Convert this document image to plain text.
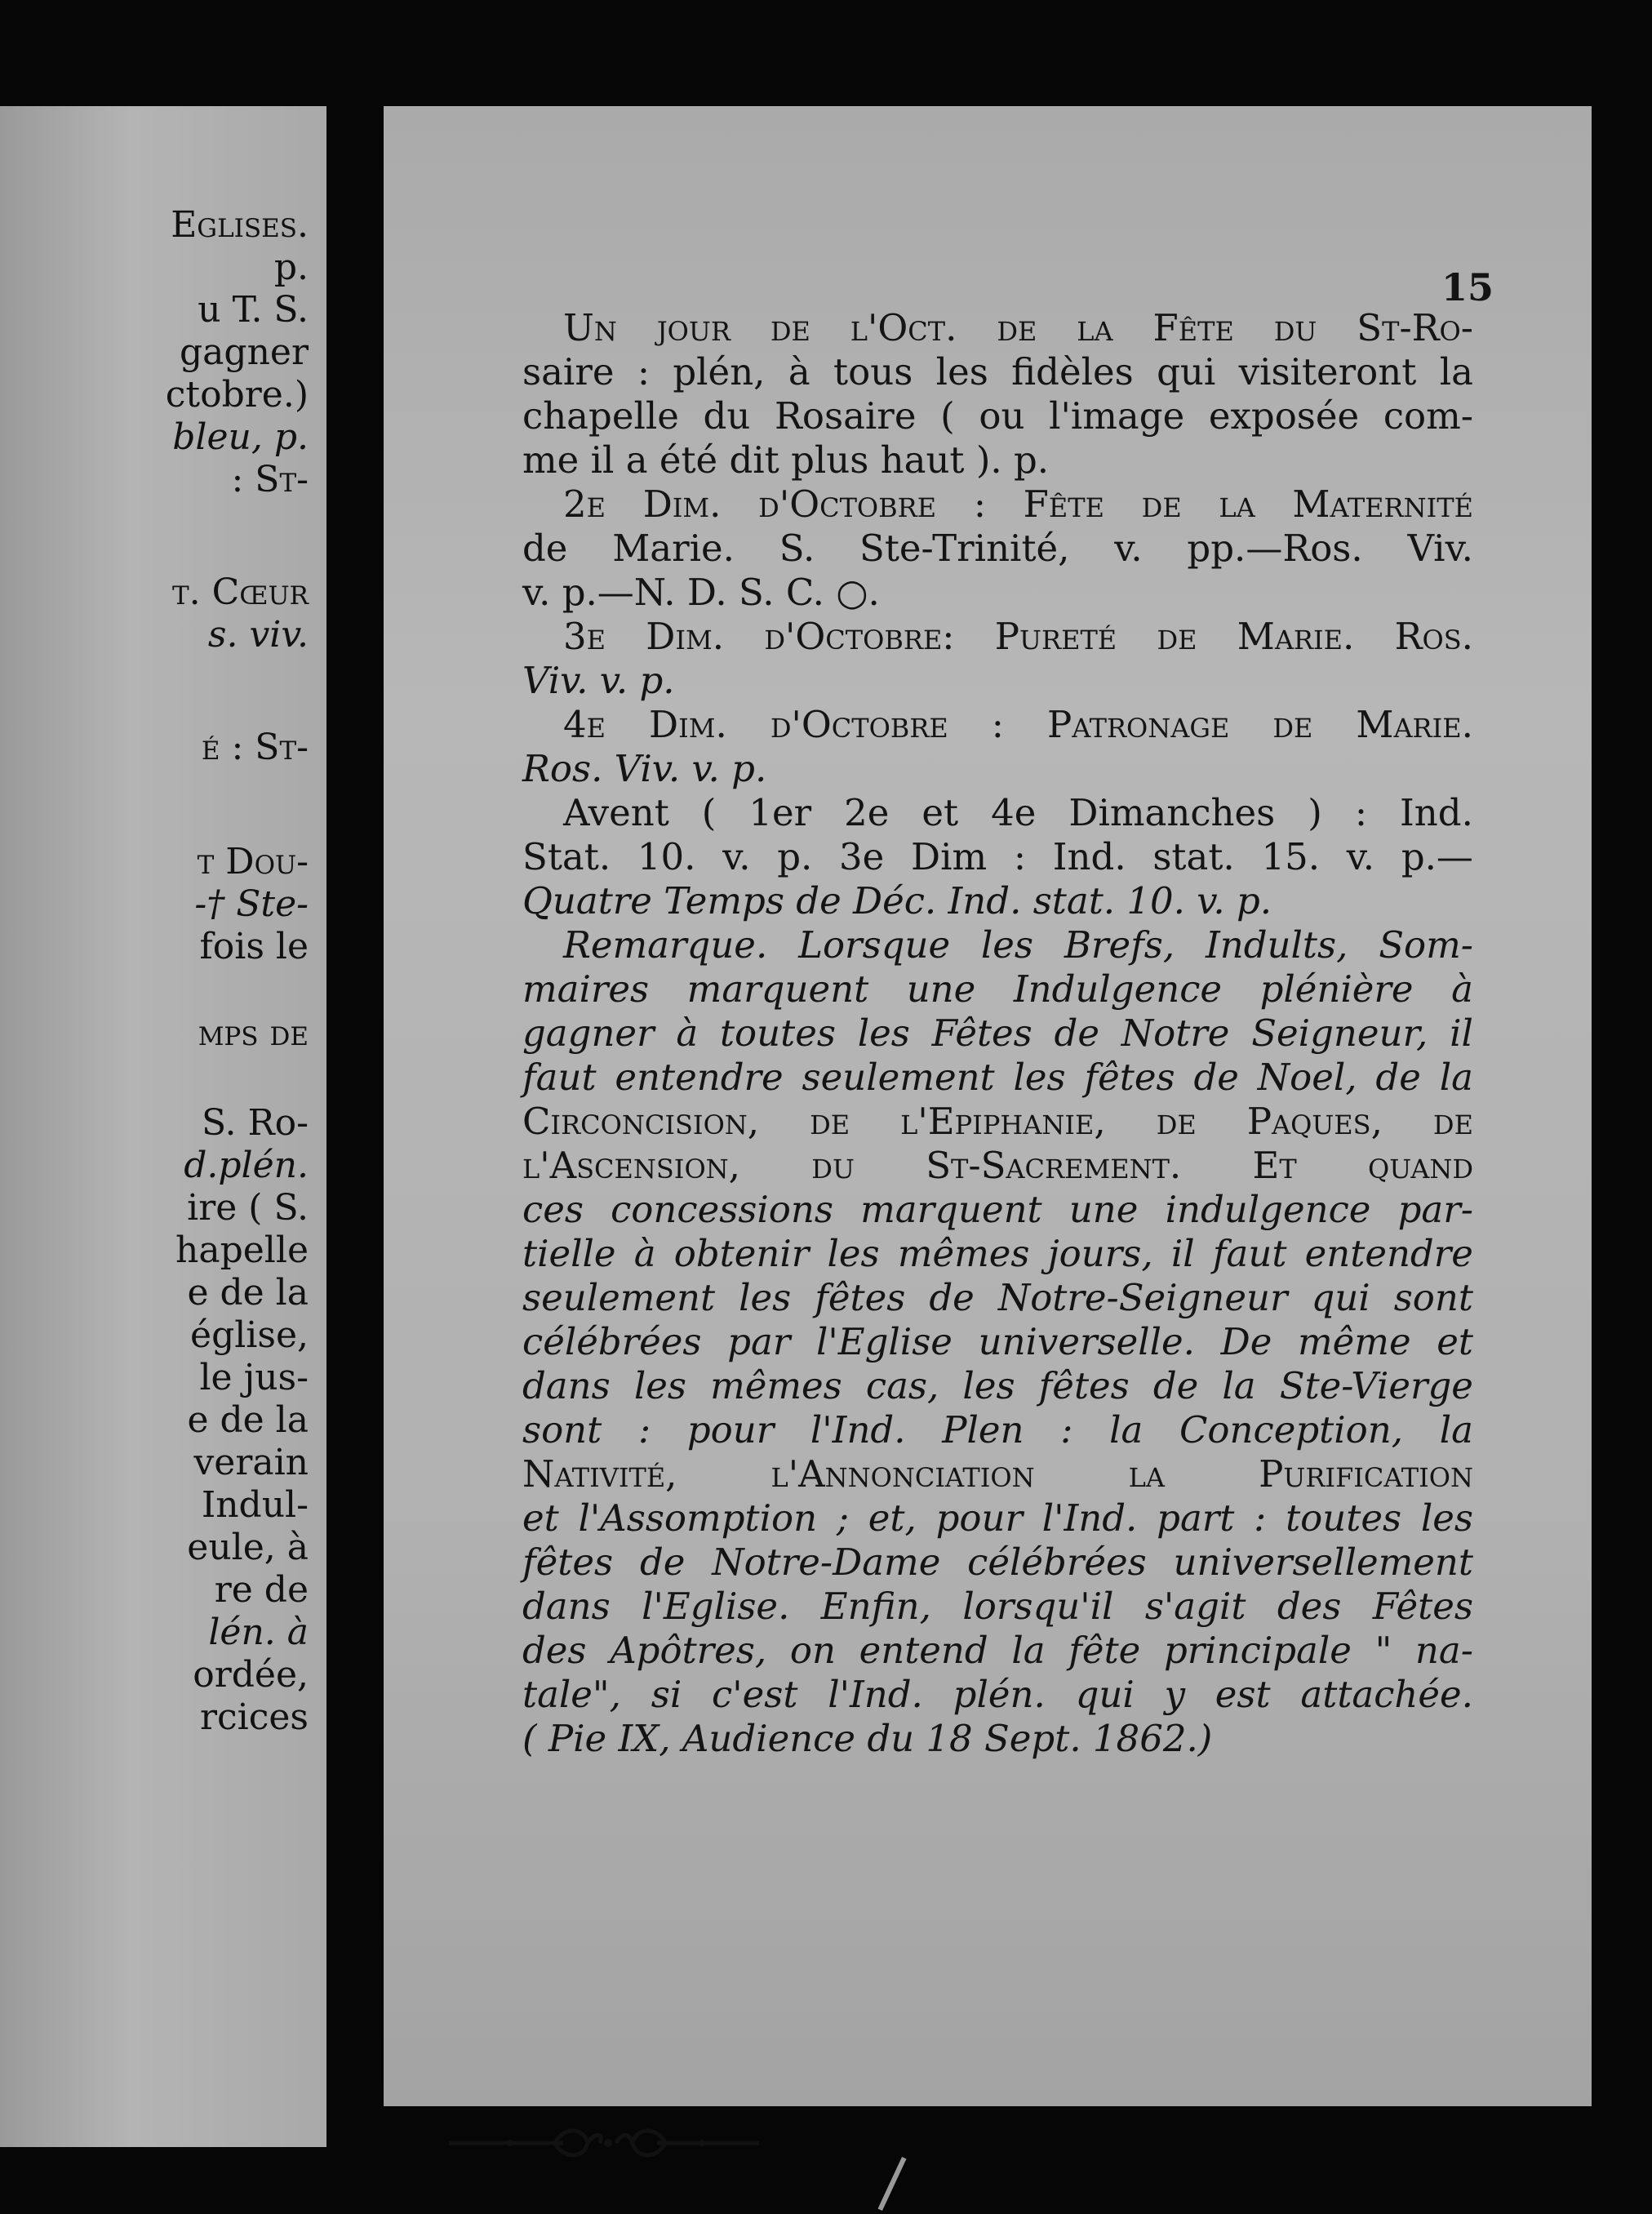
Eglises.
p.
u T. S.
gagner
ctobre.)
bleu, p.
: St-
t. Cœur
s. viv.
é : St-
t Dou-
-† Ste-
fois le
mps de
S. Ro-
d.plén.
ire ( S.
hapelle
e de la
église,
le jus-
e de la
verain
Indul-
eule, à
re de
lén. à
ordée,
rcices
15
Un jour de l'Oct. de la Fête du St-Ro-
saire : plén, à tous les fidèles qui visiteront la
chapelle du Rosaire ( ou l'image exposée com-
me il a été dit plus haut ). p.
2e Dim. d'Octobre : Fête de la Maternité
de Marie. S. Ste-Trinité, v. pp.—Ros. Viv.
v. p.—N. D. S. C. ○.
3e Dim. d'Octobre: Pureté de Marie. Ros.
Viv. v. p.
4e Dim. d'Octobre : Patronage de Marie.
Ros. Viv. v. p.
Avent ( 1er 2e et 4e Dimanches ) : Ind.
Stat. 10. v. p. 3e Dim : Ind. stat. 15. v. p.—
Quatre Temps de Déc. Ind. stat. 10. v. p.
Remarque. Lorsque les Brefs, Indults, Som-
maires marquent une Indulgence plénière à
gagner à toutes les Fêtes de Notre Seigneur, il
faut entendre seulement les fêtes de Noel, de la
Circoncision, de l'Epiphanie, de Paques, de
l'Ascension, du St-Sacrement. Et quand
ces concessions marquent une indulgence par-
tielle à obtenir les mêmes jours, il faut entendre
seulement les fêtes de Notre-Seigneur qui sont
célébrées par l'Eglise universelle. De même et
dans les mêmes cas, les fêtes de la Ste-Vierge
sont : pour l'Ind. Plen : la Conception, la
Nativité,	l'Annonciation	la	Purification
et l'Assomption ; et, pour l'Ind. part : toutes les
fêtes de Notre-Dame célébrées universellement
dans l'Eglise. Enfin, lorsqu'il s'agit des Fêtes
des Apôtres, on entend la fête principale " na-
tale", si c'est l'Ind. plén. qui y est attachée.
( Pie IX, Audience du 18 Sept. 1862.)
